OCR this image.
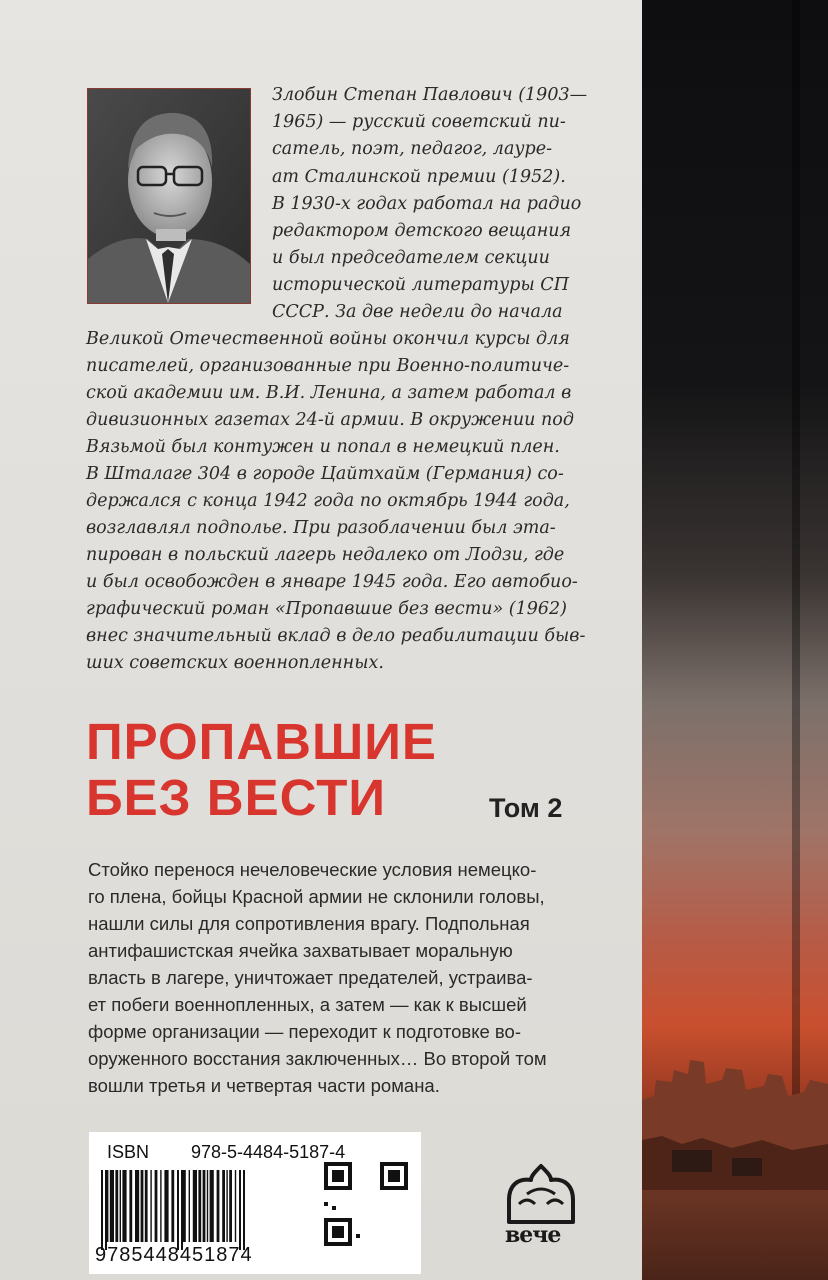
Злобин Степан Павлович (1903—
1965) — русский советский пи-
сатель, поэт, педагог, лауре-
ат Сталинской премии (1952).
В 1930-х годах работал на радио
редактором детского вещания
и был председателем секции
исторической литературы СП
СССР. За две недели до начала
Великой Отечественной войны окончил курсы для
писателей, организованные при Военно-политиче-
ской академии им. В.И. Ленина, а затем работал в
дивизионных газетах 24-й армии. В окружении под
Вязьмой был контужен и попал в немецкий плен.
В Шталаге 304 в городе Цайтхайм (Германия) со-
держался с конца 1942 года по октябрь 1944 года,
возглавлял подполье. При разоблачении был эта-
пирован в польский лагерь недалеко от Лодзи, где
и был освобожден в январе 1945 года. Его автобио-
графический роман «Пропавшие без вести» (1962)
внес значительный вклад в дело реабилитации быв-
ших советских военнопленных.
ПРОПАВШИЕ
БЕЗ ВЕСТИ	Том 2
Стойко перенося нечеловеческие условия немецко-
го плена, бойцы Красной армии не склонили головы,
нашли силы для сопротивления врагу. Подпольная
антифашистская ячейка захватывает моральную
власть в лагере, уничтожает предателей, устраива-
ет побеги военнопленных, а затем — как к высшей
форме организации — переходит к подготовке во-
оруженного восстания заключенных… Во второй том
вошли третья и четвертая части романа.
ISBN 978-5-4484-5187-4
9785448451874
вече
